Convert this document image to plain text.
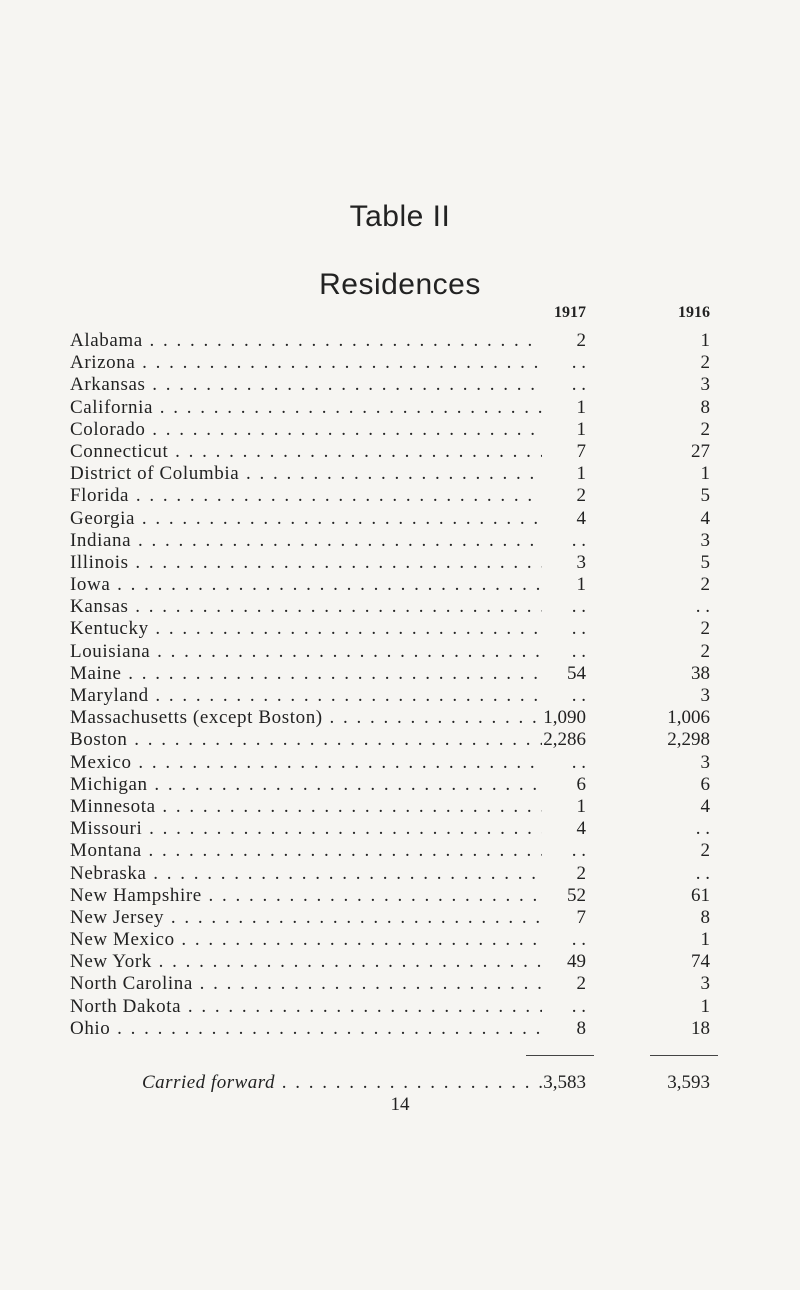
Table II
Residences
1917	1916
Alabama . . .	2	1
Arizona . . .	. .	2
Arkansas . . .	. .	3
California . . .	1	8
Colorado . . .	1	2
Connecticut . . .	7	27
District of Columbia . . .	1	1
Florida . . .	2	5
Georgia . . .	4	4
Indiana . . .	. .	3
Illinois . . .	3	5
Iowa . . .	1	2
Kansas . . .	. .	. .
Kentucky . . .	. .	2
Louisiana . . .	. .	2
Maine . . .	54	38
Maryland . . .	. .	3
Massachusetts (except Boston) . . .	1,090	1,006
Boston . . .	2,286	2,298
Mexico . . .	. .	3
Michigan . . .	6	6
Minnesota . . .	1	4
Missouri . . .	4	. .
Montana . . .	. .	2
Nebraska . . .	2	. .
New Hampshire . . .	52	61
New Jersey . . .	7	8
New Mexico . . .	. .	1
New York . . .	49	74
North Carolina . . .	2	3
North Dakota . . .	. .	1
Ohio . . .	8	18
Carried forward . . .	3,583	3,593
14
